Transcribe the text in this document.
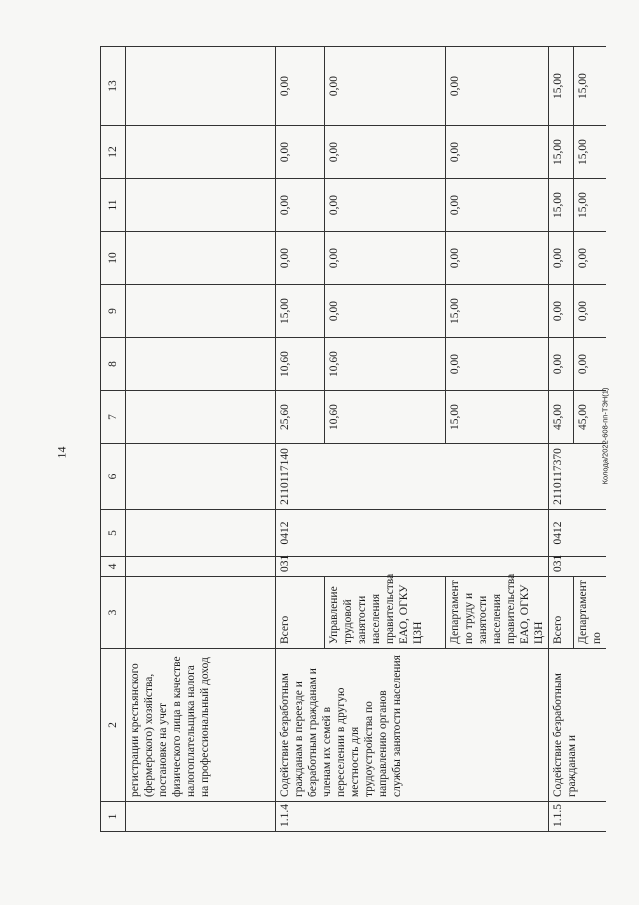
14	Колода/2022-608-пп-ТЭН(1)
1	2	3	4	5	6	7	8	9	10	11	12	13
	регистрации крестьянского (фермерского) хозяйства, постановке на учет физического лица в качестве налогоплательщика налога на профессиональный доход											
1.1.4	Содействие безработным гражданам в переезде и безработным гражданам и членам их семей в переселении в другую местность для трудоустройства по направлению органов службы занятости населения	Всего	031	0412	2110117140	25,60	10,60	15,00	0,00	0,00	0,00	0,00
		Управление трудовой занятости населения правительства ЕАО, ОГКУ ЦЗН				10,60	10,60	0,00	0,00	0,00	0,00	0,00
		Департамент по труду и занятости населения правительства ЕАО, ОГКУ ЦЗН				15,00	0,00	15,00	0,00	0,00	0,00	0,00
1.1.5	Содействие безработным гражданам и	Всего	031	0412	2110117370	45,00	0,00	0,00	0,00	15,00	15,00	15,00
		Департамент по				45,00	0,00	0,00	0,00	15,00	15,00	15,00
